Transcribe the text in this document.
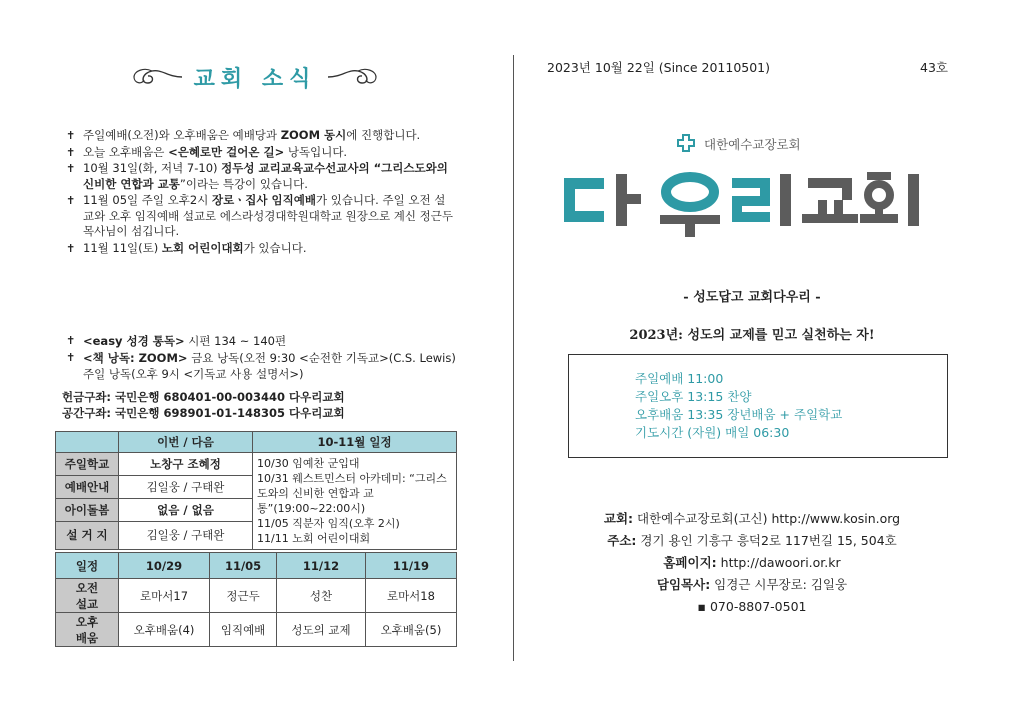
교회 소식
✝ 주일예배(오전)와 오후배움은 예배당과 ZOOM 동시에 진행합니다.
✝ 오늘 오후배움은 <은혜로만 걸어온 길> 낭독입니다.
✝ 10월 31일(화, 저녁 7-10) 정두성 교리교육교수선교사의 “그리스도와의 신비한 연합과 교통”이라는 특강이 있습니다.
✝ 11월 05일 주일 오후2시 장로ㆍ집사 임직예배가 있습니다. 주일 오전 설교와 오후 임직예배 설교로 에스라성경대학원대학교 원장으로 계신 정근두 목사님이 섬깁니다.
✝ 11월 11일(토) 노회 어린이대회가 있습니다.
✝ <easy 성경 통독> 시편 134 ~ 140편
✝ <책 낭독: ZOOM> 금요 낭독(오전 9:30 <순전한 기독교>(C.S. Lewis) 주일 낭독(오후 9시 <기독교 사용 설명서>)
헌금구좌: 국민은행 680401-00-003440 다우리교회
공간구좌: 국민은행 698901-01-148305 다우리교회
	이번 / 다음	10-11월 일정
주일학교	노창구 조혜정	10/30 임예찬 군입대
10/31 웨스트민스터 아카데미: “그리스도와의 신비한 연합과 교통”(19:00~22:00시)
11/05 직분자 임직(오후 2시)
11/11 노회 어린이대회

예배안내	김일웅 / 구태완	
아이돌봄	없음 / 없음	
설 거 지	김일웅 / 구태완	
일정	10/29	11/05	11/12	11/19
오전
설교	로마서17	정근두	성찬	로마서18
오후
배움	오후배움(4)	임직예배	성도의 교제	오후배움(5)
2023년 10월 22일 (Since 20110501)	43호
대한예수교장로회
- 성도답고 교회다우리 -
2023년: 성도의 교제를 믿고 실천하는 자!
주일예배 11:00
주일오후 13:15 찬양
오후배움 13:35 장년배움 + 주일학교
기도시간 (자원) 매일 06:30
교회: 대한예수교장로회(고신) http://www.kosin.org
주소: 경기 용인 기흥구 흥덕2로 117번길 15, 504호
홈페이지: http://dawoori.or.kr
담임목사: 임경근 시무장로: 김일웅
▪ 070-8807-0501
